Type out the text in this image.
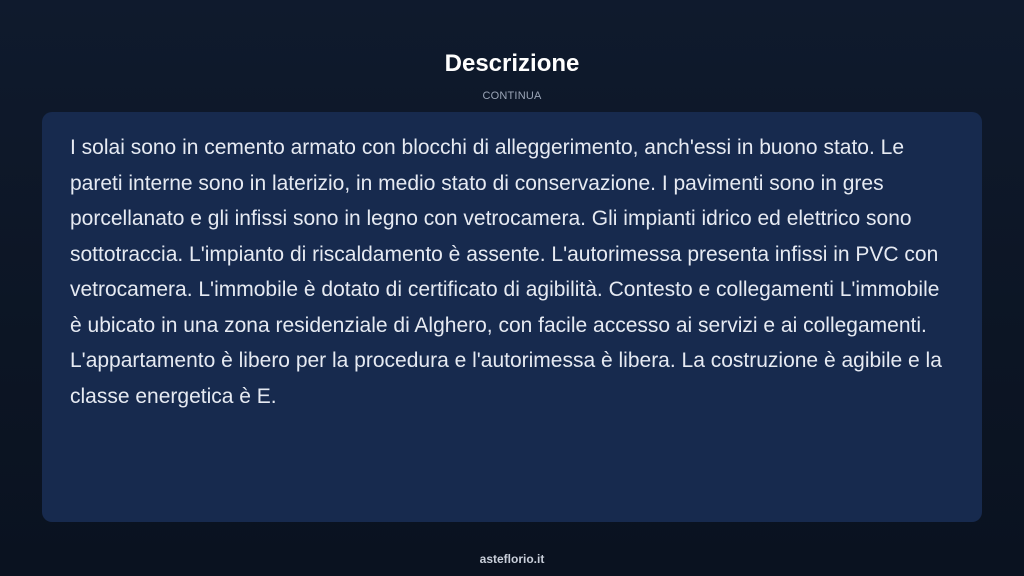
Descrizione
CONTINUA

I solai sono in cemento armato con blocchi di alleggerimento, anch'essi in buono stato. Le pareti interne sono in laterizio, in medio stato di conservazione. I pavimenti sono in gres porcellanato e gli infissi sono in legno con vetrocamera. Gli impianti idrico ed elettrico sono sottotraccia. L'impianto di riscaldamento è assente. L'autorimessa presenta infissi in PVC con vetrocamera. L'immobile è dotato di certificato di agibilità. Contesto e collegamenti L'immobile è ubicato in una zona residenziale di Alghero, con facile accesso ai servizi e ai collegamenti. L'appartamento è libero per la procedura e l'autorimessa è libera. La costruzione è agibile e la classe energetica è E.

asteflorio.it
